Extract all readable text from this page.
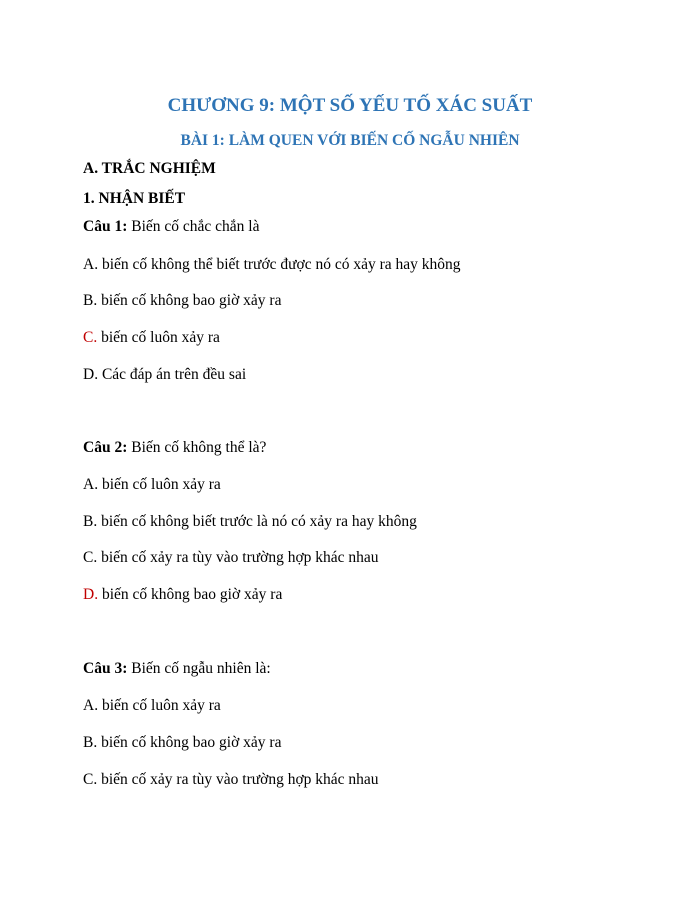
CHƯƠNG 9: MỘT SỐ YẾU TỐ XÁC SUẤT
BÀI 1: LÀM QUEN VỚI BIẾN CỐ NGẪU NHIÊN
A. TRẮC NGHIỆM
1. NHẬN BIẾT
Câu 1: Biến cố chắc chắn là
A. biến cố không thể biết trước được nó có xảy ra hay không
B. biến cố không bao giờ xảy ra
C. biến cố luôn xảy ra
D. Các đáp án trên đều sai
Câu 2: Biến cố không thể là?
A. biến cố luôn xảy ra
B. biến cố không biết trước là nó có xảy ra hay không
C. biến cố xảy ra tùy vào trường hợp khác nhau
D. biến cố không bao giờ xảy ra
Câu 3: Biến cố ngẫu nhiên là:
A. biến cố luôn xảy ra
B. biến cố không bao giờ xảy ra
C. biến cố xảy ra tùy vào trường hợp khác nhau
